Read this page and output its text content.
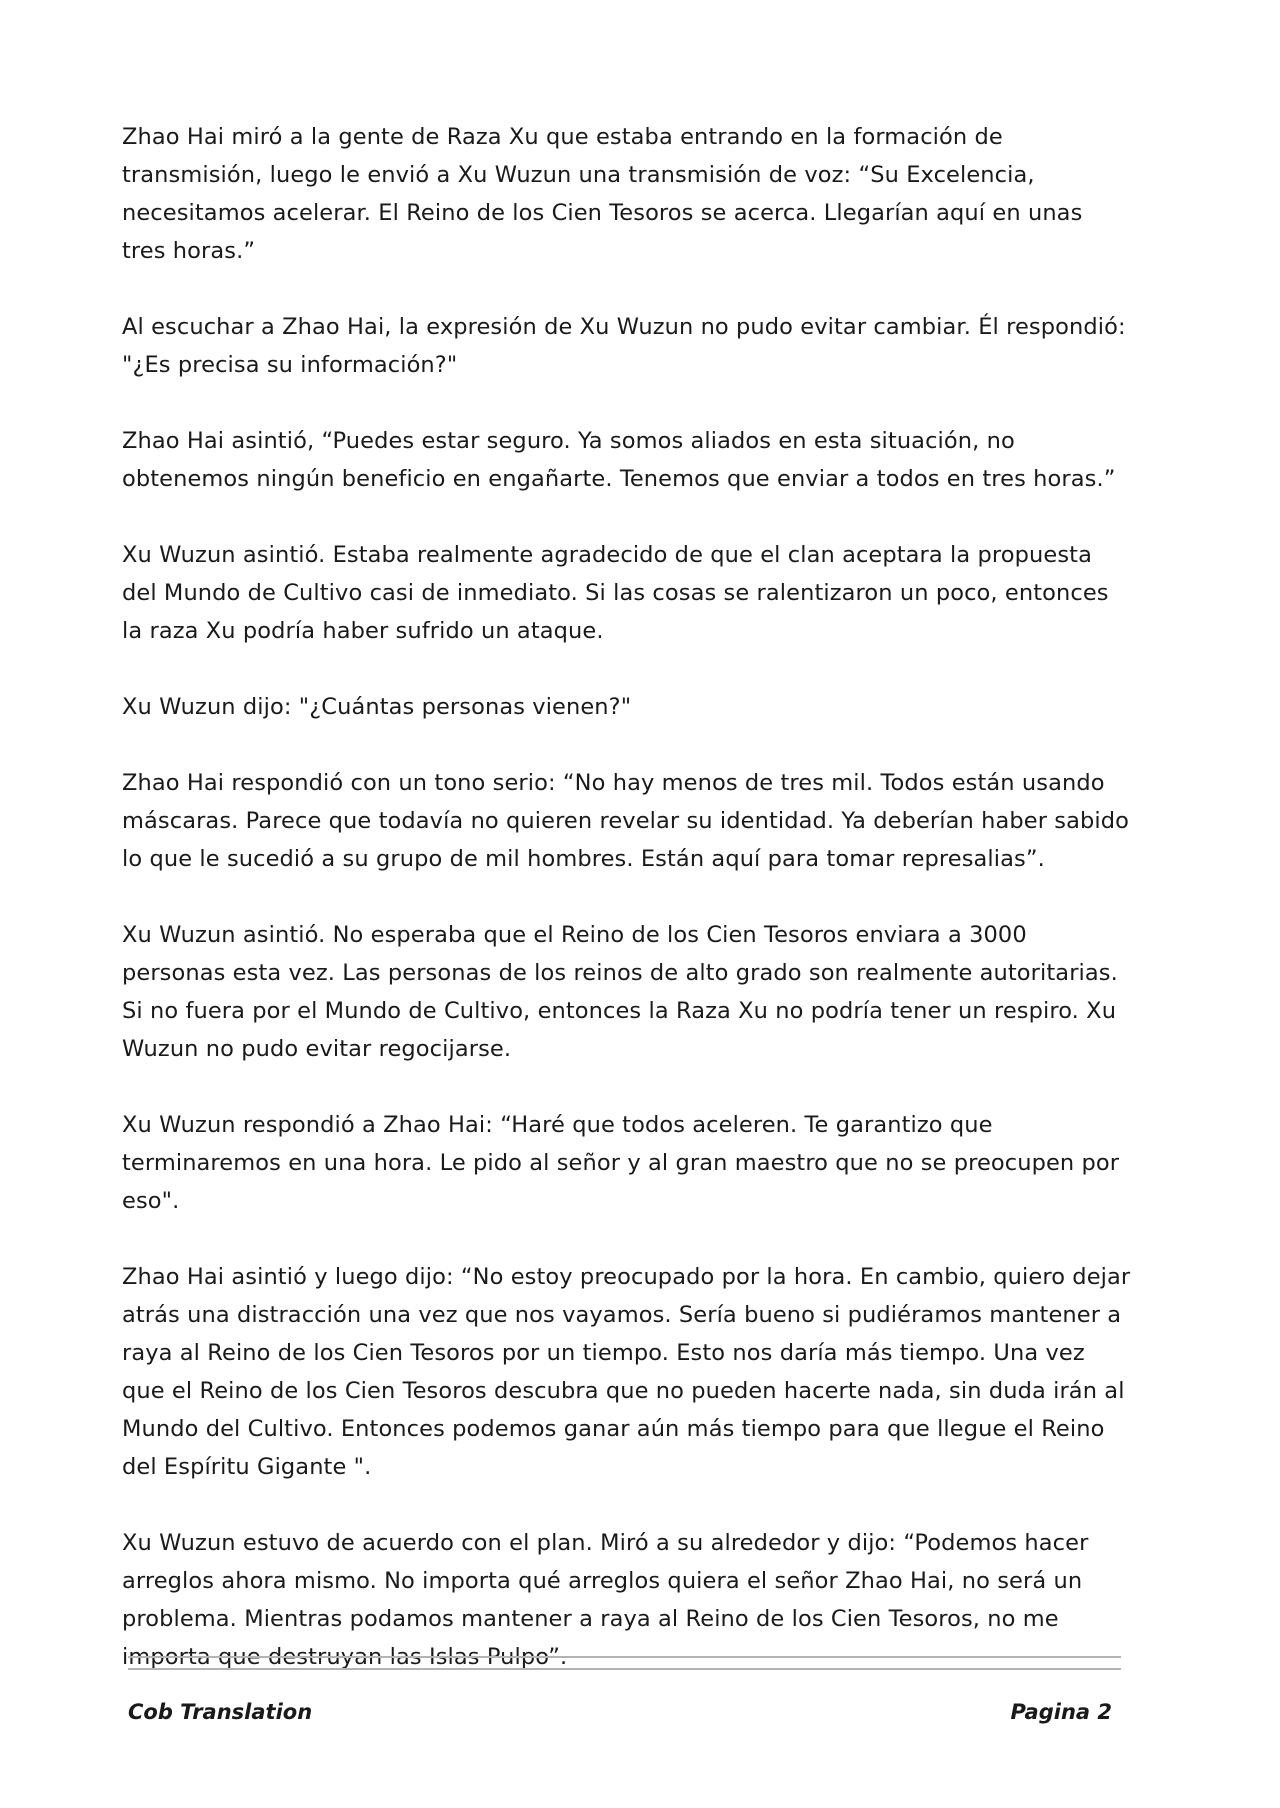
Zhao Hai miró a la gente de Raza Xu que estaba entrando en la formación de transmisión, luego le envió a Xu Wuzun una transmisión de voz: “Su Excelencia, necesitamos acelerar. El Reino de los Cien Tesoros se acerca. Llegarían aquí en unas tres horas.”

Al escuchar a Zhao Hai, la expresión de Xu Wuzun no pudo evitar cambiar. Él respondió: "¿Es precisa su información?"

Zhao Hai asintió, “Puedes estar seguro. Ya somos aliados en esta situación, no obtenemos ningún beneficio en engañarte. Tenemos que enviar a todos en tres horas.”

Xu Wuzun asintió. Estaba realmente agradecido de que el clan aceptara la propuesta del Mundo de Cultivo casi de inmediato. Si las cosas se ralentizaron un poco, entonces la raza Xu podría haber sufrido un ataque.

Xu Wuzun dijo: "¿Cuántas personas vienen?"

Zhao Hai respondió con un tono serio: “No hay menos de tres mil. Todos están usando máscaras. Parece que todavía no quieren revelar su identidad. Ya deberían haber sabido lo que le sucedió a su grupo de mil hombres. Están aquí para tomar represalias”.

Xu Wuzun asintió. No esperaba que el Reino de los Cien Tesoros enviara a 3000 personas esta vez. Las personas de los reinos de alto grado son realmente autoritarias. Si no fuera por el Mundo de Cultivo, entonces la Raza Xu no podría tener un respiro. Xu Wuzun no pudo evitar regocijarse.

Xu Wuzun respondió a Zhao Hai: “Haré que todos aceleren. Te garantizo que terminaremos en una hora. Le pido al señor y al gran maestro que no se preocupen por eso".

Zhao Hai asintió y luego dijo: “No estoy preocupado por la hora. En cambio, quiero dejar atrás una distracción una vez que nos vayamos. Sería bueno si pudiéramos mantener a raya al Reino de los Cien Tesoros por un tiempo. Esto nos daría más tiempo. Una vez que el Reino de los Cien Tesoros descubra que no pueden hacerte nada, sin duda irán al Mundo del Cultivo. Entonces podemos ganar aún más tiempo para que llegue el Reino del Espíritu Gigante ".

Xu Wuzun estuvo de acuerdo con el plan. Miró a su alrededor y dijo: “Podemos hacer arreglos ahora mismo. No importa qué arreglos quiera el señor Zhao Hai, no será un problema. Mientras podamos mantener a raya al Reino de los Cien Tesoros, no me importa que destruyan las Islas Pulpo”.

Cob Translation	Pagina 2
